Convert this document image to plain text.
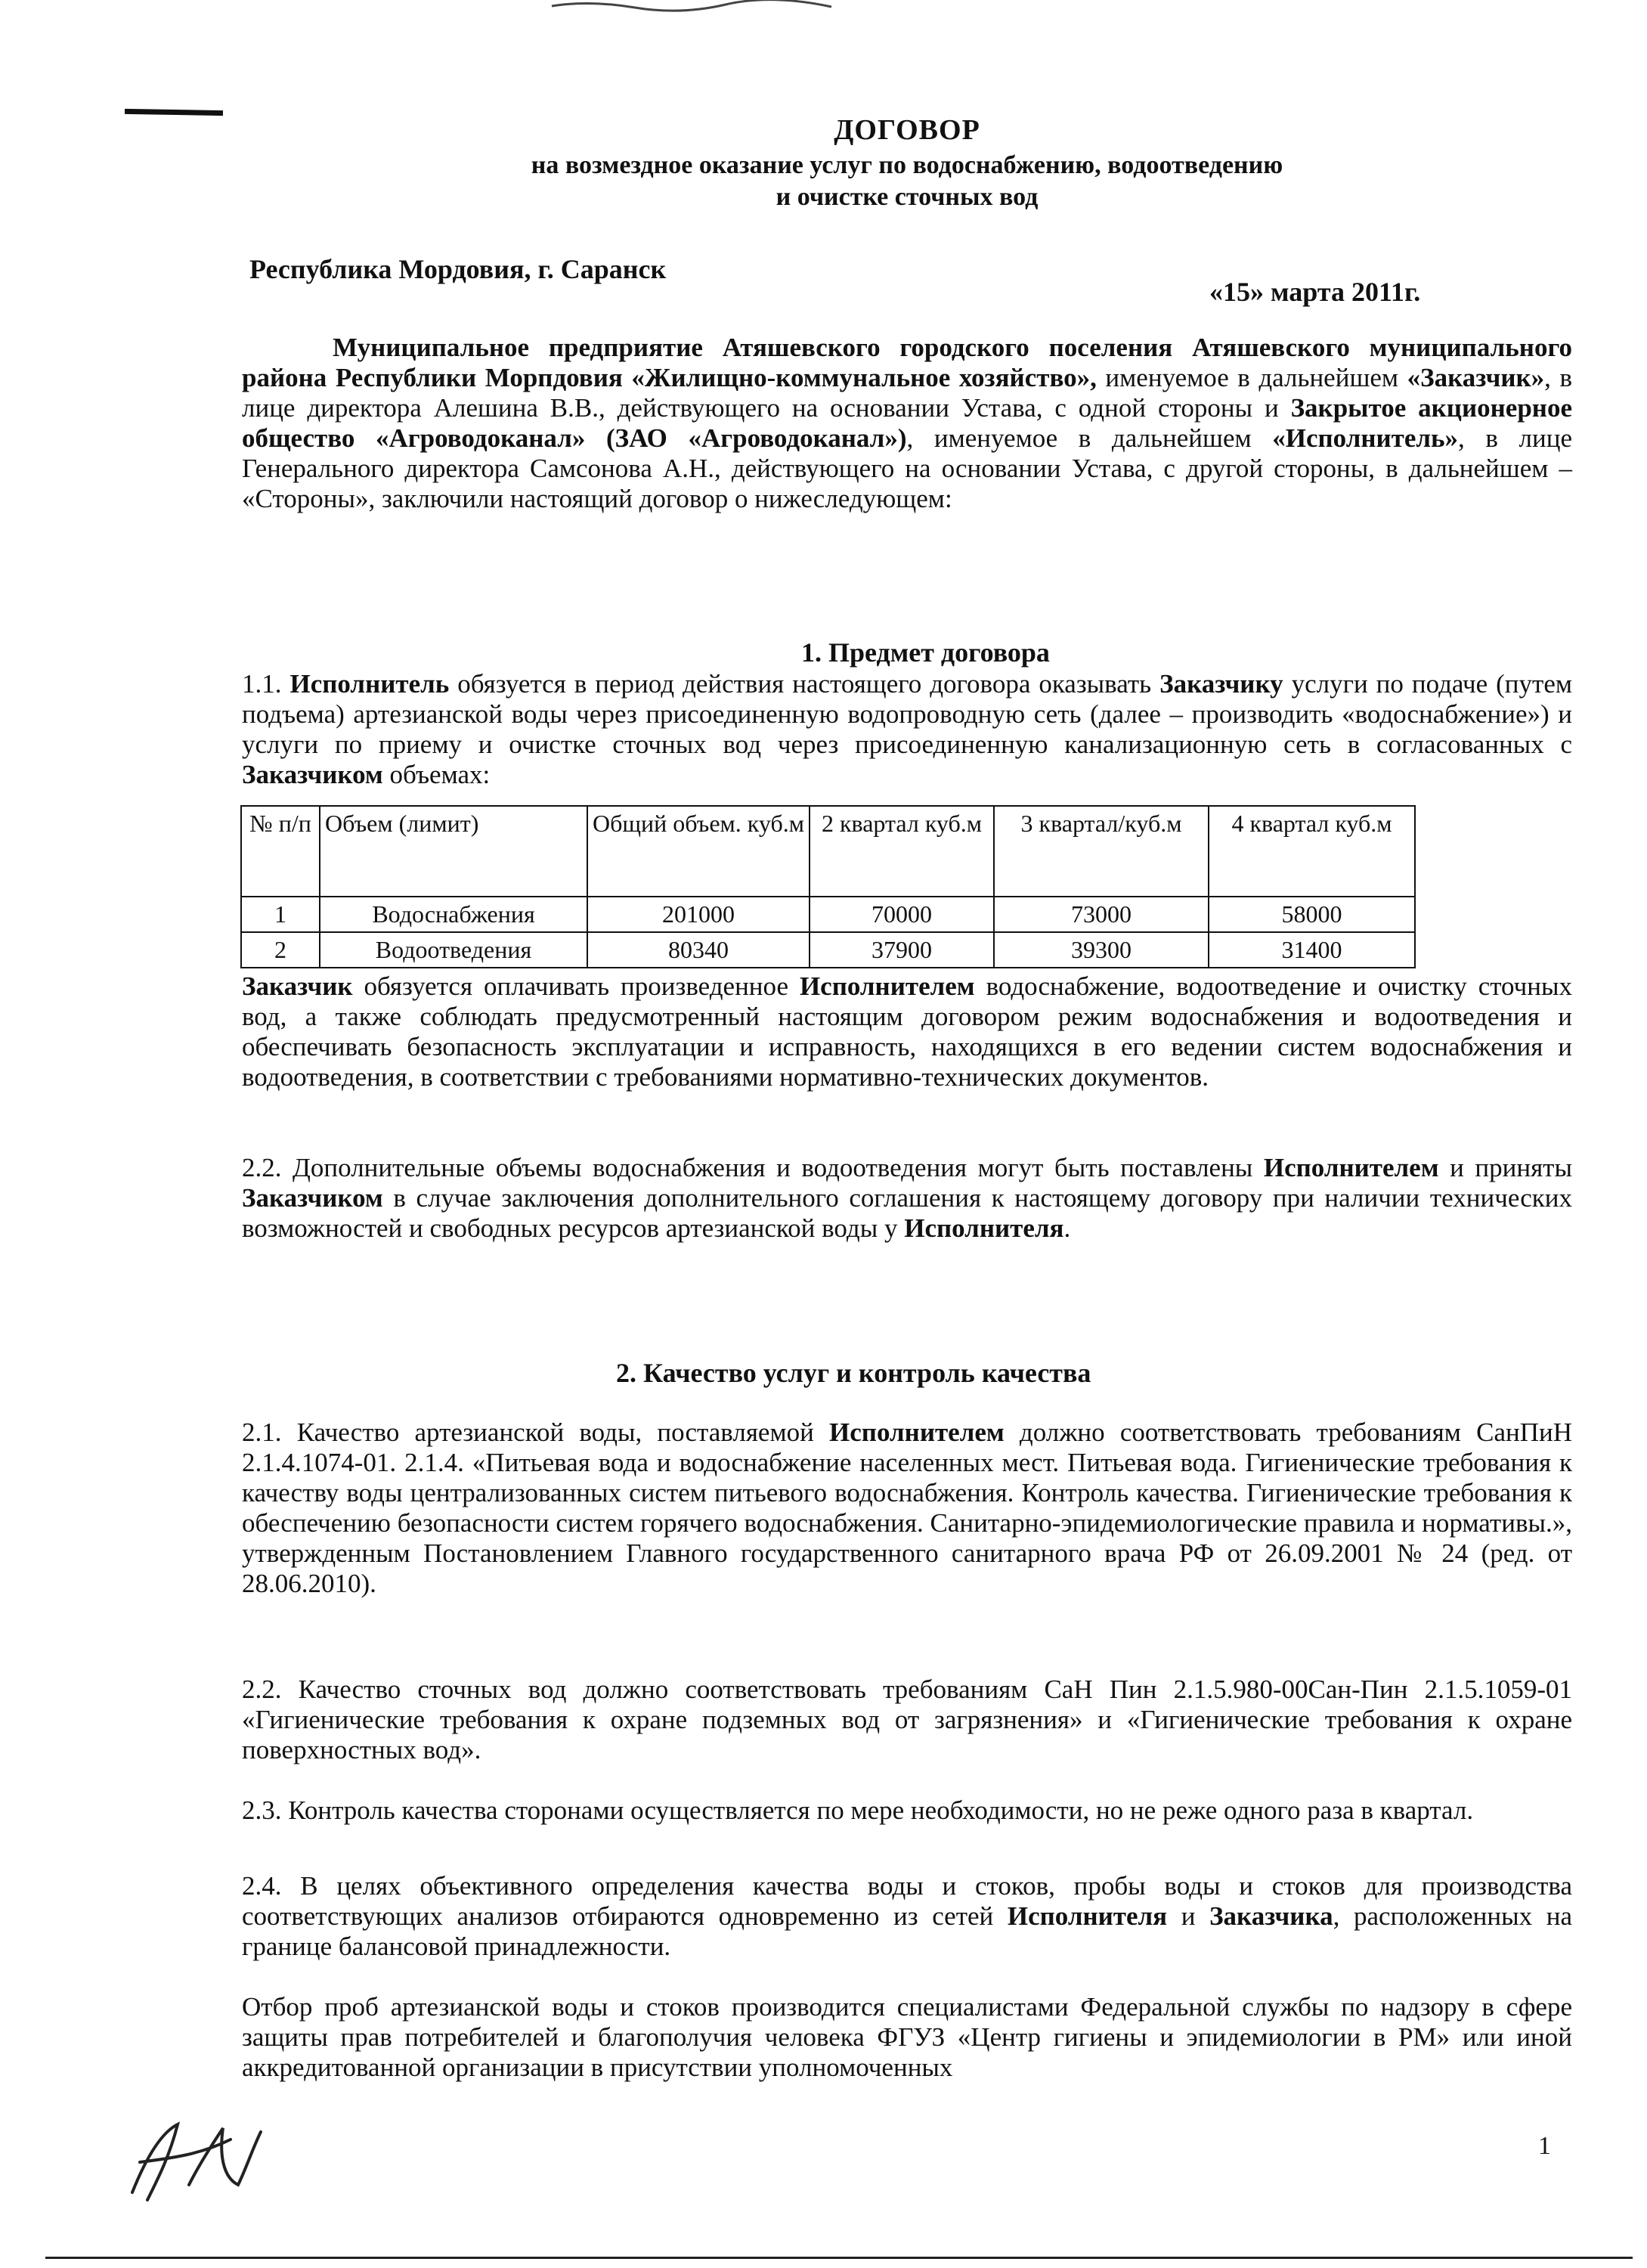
ДОГОВОР

на возмездное оказание услуг по водоснабжению, водоотведению

и очистке сточных вод

Республика Мордовия, г. Саранск
«15» марта 2011г.
Муниципальное предприятие Атяшевского городского поселения Атяшевского муниципального района Республики Морпдовия «Жилищно-коммунальное хозяйство», именуемое в дальнейшем «Заказчик», в лице директора Алешина В.В., действующего на основании Устава, с одной стороны и Закрытое акционерное общество «Агроводоканал» (ЗАО «Агроводоканал»), именуемое в дальнейшем «Исполнитель», в лице Генерального директора Самсонова А.Н., действующего на основании Устава, с другой стороны, в дальнейшем – «Стороны», заключили настоящий договор о нижеследующем:
1. Предмет договора
1.1. Исполнитель обязуется в период действия настоящего договора оказывать Заказчику услуги по подаче (путем подъема) артезианской воды через присоединенную водопроводную сеть (далее – производить «водоснабжение») и услуги по приему и очистке сточных вод через присоединенную канализационную сеть в согласованных с Заказчиком объемах:
№ п/п	Объем (лимит)	Общий объем. куб.м	2 квартал куб.м	3 квартал/куб.м	4 квартал куб.м
1	Водоснабжения	201000	70000	73000	58000
2	Водоотведения	80340	37900	39300	31400
Заказчик обязуется оплачивать произведенное Исполнителем водоснабжение, водоотведение и очистку сточных вод, а также соблюдать предусмотренный настоящим договором режим водоснабжения и водоотведения и обеспечивать безопасность эксплуатации и исправность, находящихся в его ведении систем водоснабжения и водоотведения, в соответствии с требованиями нормативно-технических документов.
2.2. Дополнительные объемы водоснабжения и водоотведения могут быть поставлены Исполнителем и приняты Заказчиком в случае заключения дополнительного соглашения к настоящему договору при наличии технических возможностей и свободных ресурсов артезианской воды у Исполнителя.
2. Качество услуг и контроль качества
2.1. Качество артезианской воды, поставляемой Исполнителем должно соответствовать требованиям СанПиН 2.1.4.1074-01. 2.1.4. «Питьевая вода и водоснабжение населенных мест. Питьевая вода. Гигиенические требования к качеству воды централизованных систем питьевого водоснабжения. Контроль качества. Гигиенические требования к обеспечению безопасности систем горячего водоснабжения. Санитарно-эпидемиологические правила и нормативы.», утвержденным Постановлением Главного государственного санитарного врача РФ от 26.09.2001 № 24 (ред. от 28.06.2010).
2.2. Качество сточных вод должно соответствовать требованиям СаН Пин 2.1.5.980-00Сан-Пин 2.1.5.1059-01 «Гигиенические требования к охране подземных вод от загрязнения» и «Гигиенические требования к охране поверхностных вод».
2.3. Контроль качества сторонами осуществляется по мере необходимости, но не реже одного раза в квартал.
2.4. В целях объективного определения качества воды и стоков, пробы воды и стоков для производства соответствующих анализов отбираются одновременно из сетей Исполнителя и Заказчика, расположенных на границе балансовой принадлежности.
Отбор проб артезианской воды и стоков производится специалистами Федеральной службы по надзору в сфере защиты прав потребителей и благополучия человека ФГУЗ «Центр гигиены и эпидемиологии в РМ» или иной аккредитованной организации в присутствии уполномоченных
1
